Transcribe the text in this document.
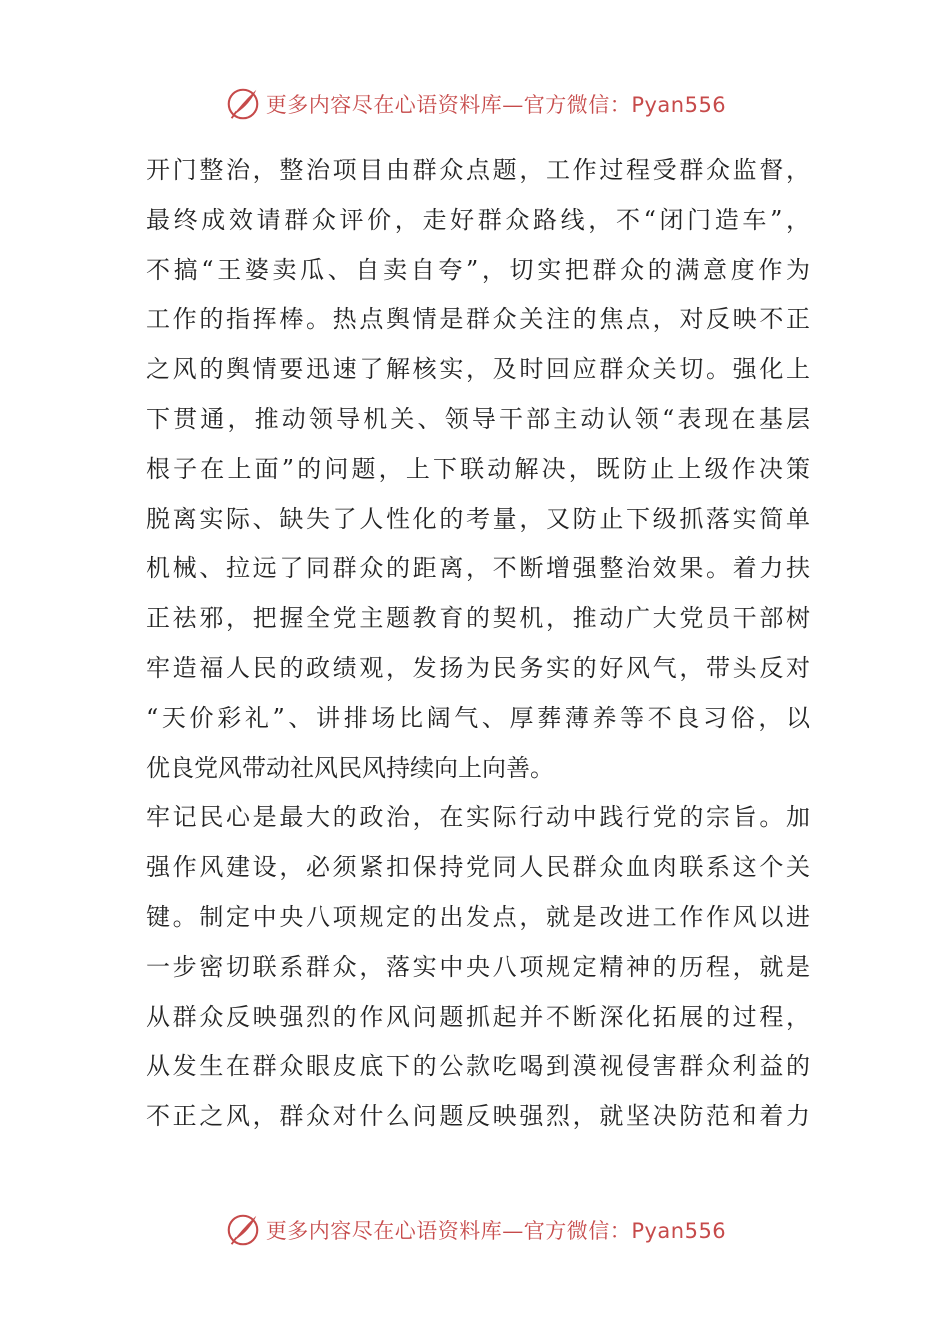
更多内容尽在心语资料库—官方微信：Pyan556
开门整治，整治项目由群众点题，工作过程受群众监督，
最终成效请群众评价，走好群众路线，不“闭门造车”，
不搞“王婆卖瓜、自卖自夸”，切实把群众的满意度作为
工作的指挥棒。热点舆情是群众关注的焦点，对反映不正
之风的舆情要迅速了解核实，及时回应群众关切。强化上
下贯通，推动领导机关、领导干部主动认领“表现在基层
根子在上面”的问题，上下联动解决，既防止上级作决策
脱离实际、缺失了人性化的考量，又防止下级抓落实简单
机械、拉远了同群众的距离，不断增强整治效果。着力扶
正祛邪，把握全党主题教育的契机，推动广大党员干部树
牢造福人民的政绩观，发扬为民务实的好风气，带头反对
“天价彩礼”、讲排场比阔气、厚葬薄养等不良习俗，以
优良党风带动社风民风持续向上向善。
牢记民心是最大的政治，在实际行动中践行党的宗旨。加
强作风建设，必须紧扣保持党同人民群众血肉联系这个关
键。制定中央八项规定的出发点，就是改进工作作风以进
一步密切联系群众，落实中央八项规定精神的历程，就是
从群众反映强烈的作风问题抓起并不断深化拓展的过程，
从发生在群众眼皮底下的公款吃喝到漠视侵害群众利益的
不正之风，群众对什么问题反映强烈，就坚决防范和着力
更多内容尽在心语资料库—官方微信：Pyan556
